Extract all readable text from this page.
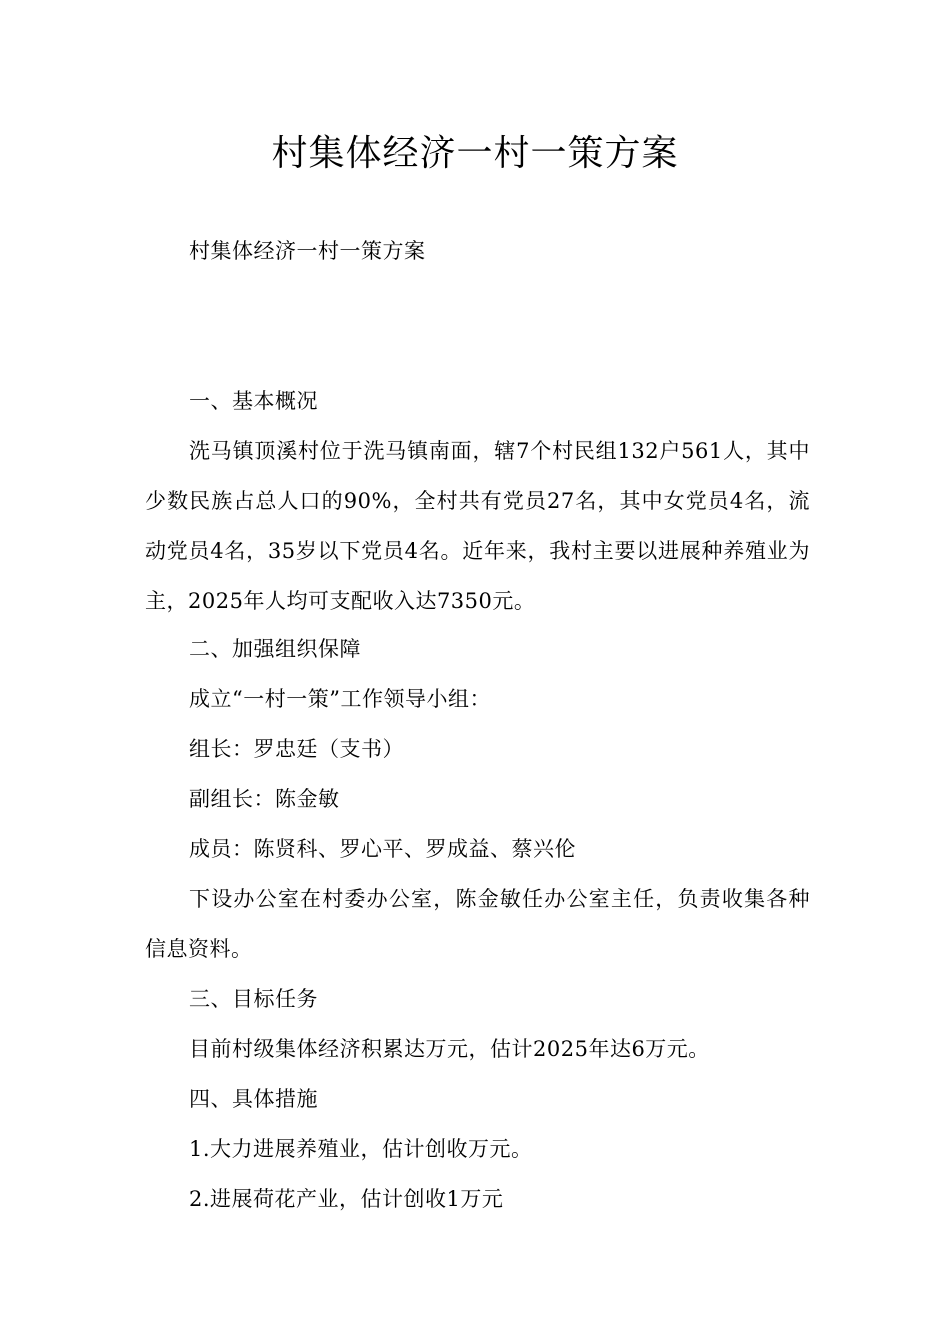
村集体经济一村一策方案

村集体经济一村一策方案

一、基本概况

洗马镇顶溪村位于洗马镇南面，辖7个村民组132户561人，其中少数民族占总人口的90%，全村共有党员27名，其中女党员4名，流动党员4名，35岁以下党员4名。近年来，我村主要以进展种养殖业为主，2025年人均可支配收入达7350元。

二、加强组织保障

成立“一村一策”工作领导小组：

组长：罗忠廷（支书）

副组长：陈金敏

成员：陈贤科、罗心平、罗成益、蔡兴伦

下设办公室在村委办公室，陈金敏任办公室主任，负责收集各种信息资料。

三、目标任务

目前村级集体经济积累达万元，估计2025年达6万元。

四、具体措施

1.大力进展养殖业，估计创收万元。

2.进展荷花产业，估计创收1万元
